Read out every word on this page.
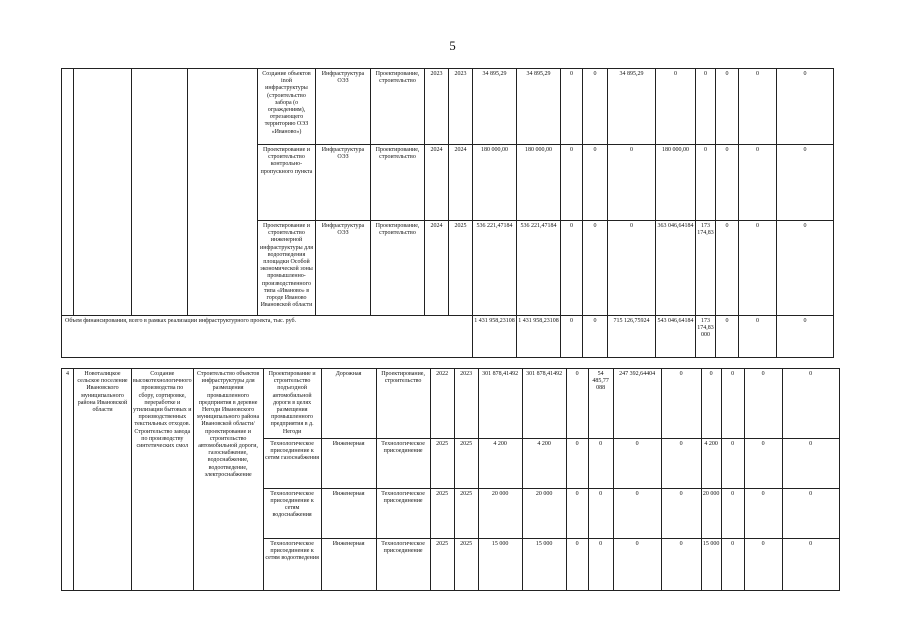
5
				Создание объектов inой инфраструктуры (строительство забора (о ограждениям), отрезающего территорию ОЭЗ «Иваново»)	Инфраструктура ОЭЗ	Проектирование, строительство	2023	2023	34 895,29	34 895,29	0	0	34 895,29	0	0	0	0	0
				Проектирование и строительство контрольно-пропускного пункта	Инфраструктура ОЭЗ	Проектирование, строительство	2024	2024	180 000,00	180 000,00	0	0	0	180 000,00	0	0	0	0
				Проектирование и строительство инженерной инфраструктуры для водоотведения площадки Особой экономической зоны промышленно-производственного типа «Иваново» в городе Иваново Ивановской области	Инфраструктура ОЭЗ	Проектирование, строительство	2024	2025	536 221,47184	536 221,47184	0	0	0	363 046,64184	173 174,83	0	0	0
Объем финансирования, всего в рамках реализации инфраструктурного проекта, тыс. руб.									1 431 958,23108	1 431 958,23108	0	0	715 126,75924	543 046,64184	173 174,83 000	0	0	0
4	Новоталицкое сельское поселение Ивановского муниципального района Ивановской области	Создание высокотехнологичного производства по сбору, сортировке, переработке и утилизации бытовых и производственных текстильных отходов. Строительство завода по производству синтетических смол	Строительство объектов инфраструктуры для размещения промышленного предприятия в деревне Негоди Ивановского муниципального района Ивановской области/проектирование и строительство автомобильной дороги, газоснабжение, водоснабжение, водоотведение, электроснабжение	Проектирование и строительство подъездной автомобильной дороги в целях размещения промышленного предприятия в д. Негоди	Дорожная	Проектирование, строительство	2022	2023	301 878,41492	301 878,41492	0	54 485,77 088	247 392,64404	0	0	0	0	0
				Технологическое присоединение к сетям газоснабжения	Инженерная	Технологическое присоединение	2025	2025	4 200	4 200	0	0	0	0	4 200	0	0	0
				Технологическое присоединение к сетям водоснабжения	Инженерная	Технологическое присоединение	2025	2025	20 000	20 000	0	0	0	0	20 000	0	0	0
				Технологическое присоединение к сетям водоотведения	Инженерная	Технологическое присоединение	2025	2025	15 000	15 000	0	0	0	0	15 000	0	0	0
